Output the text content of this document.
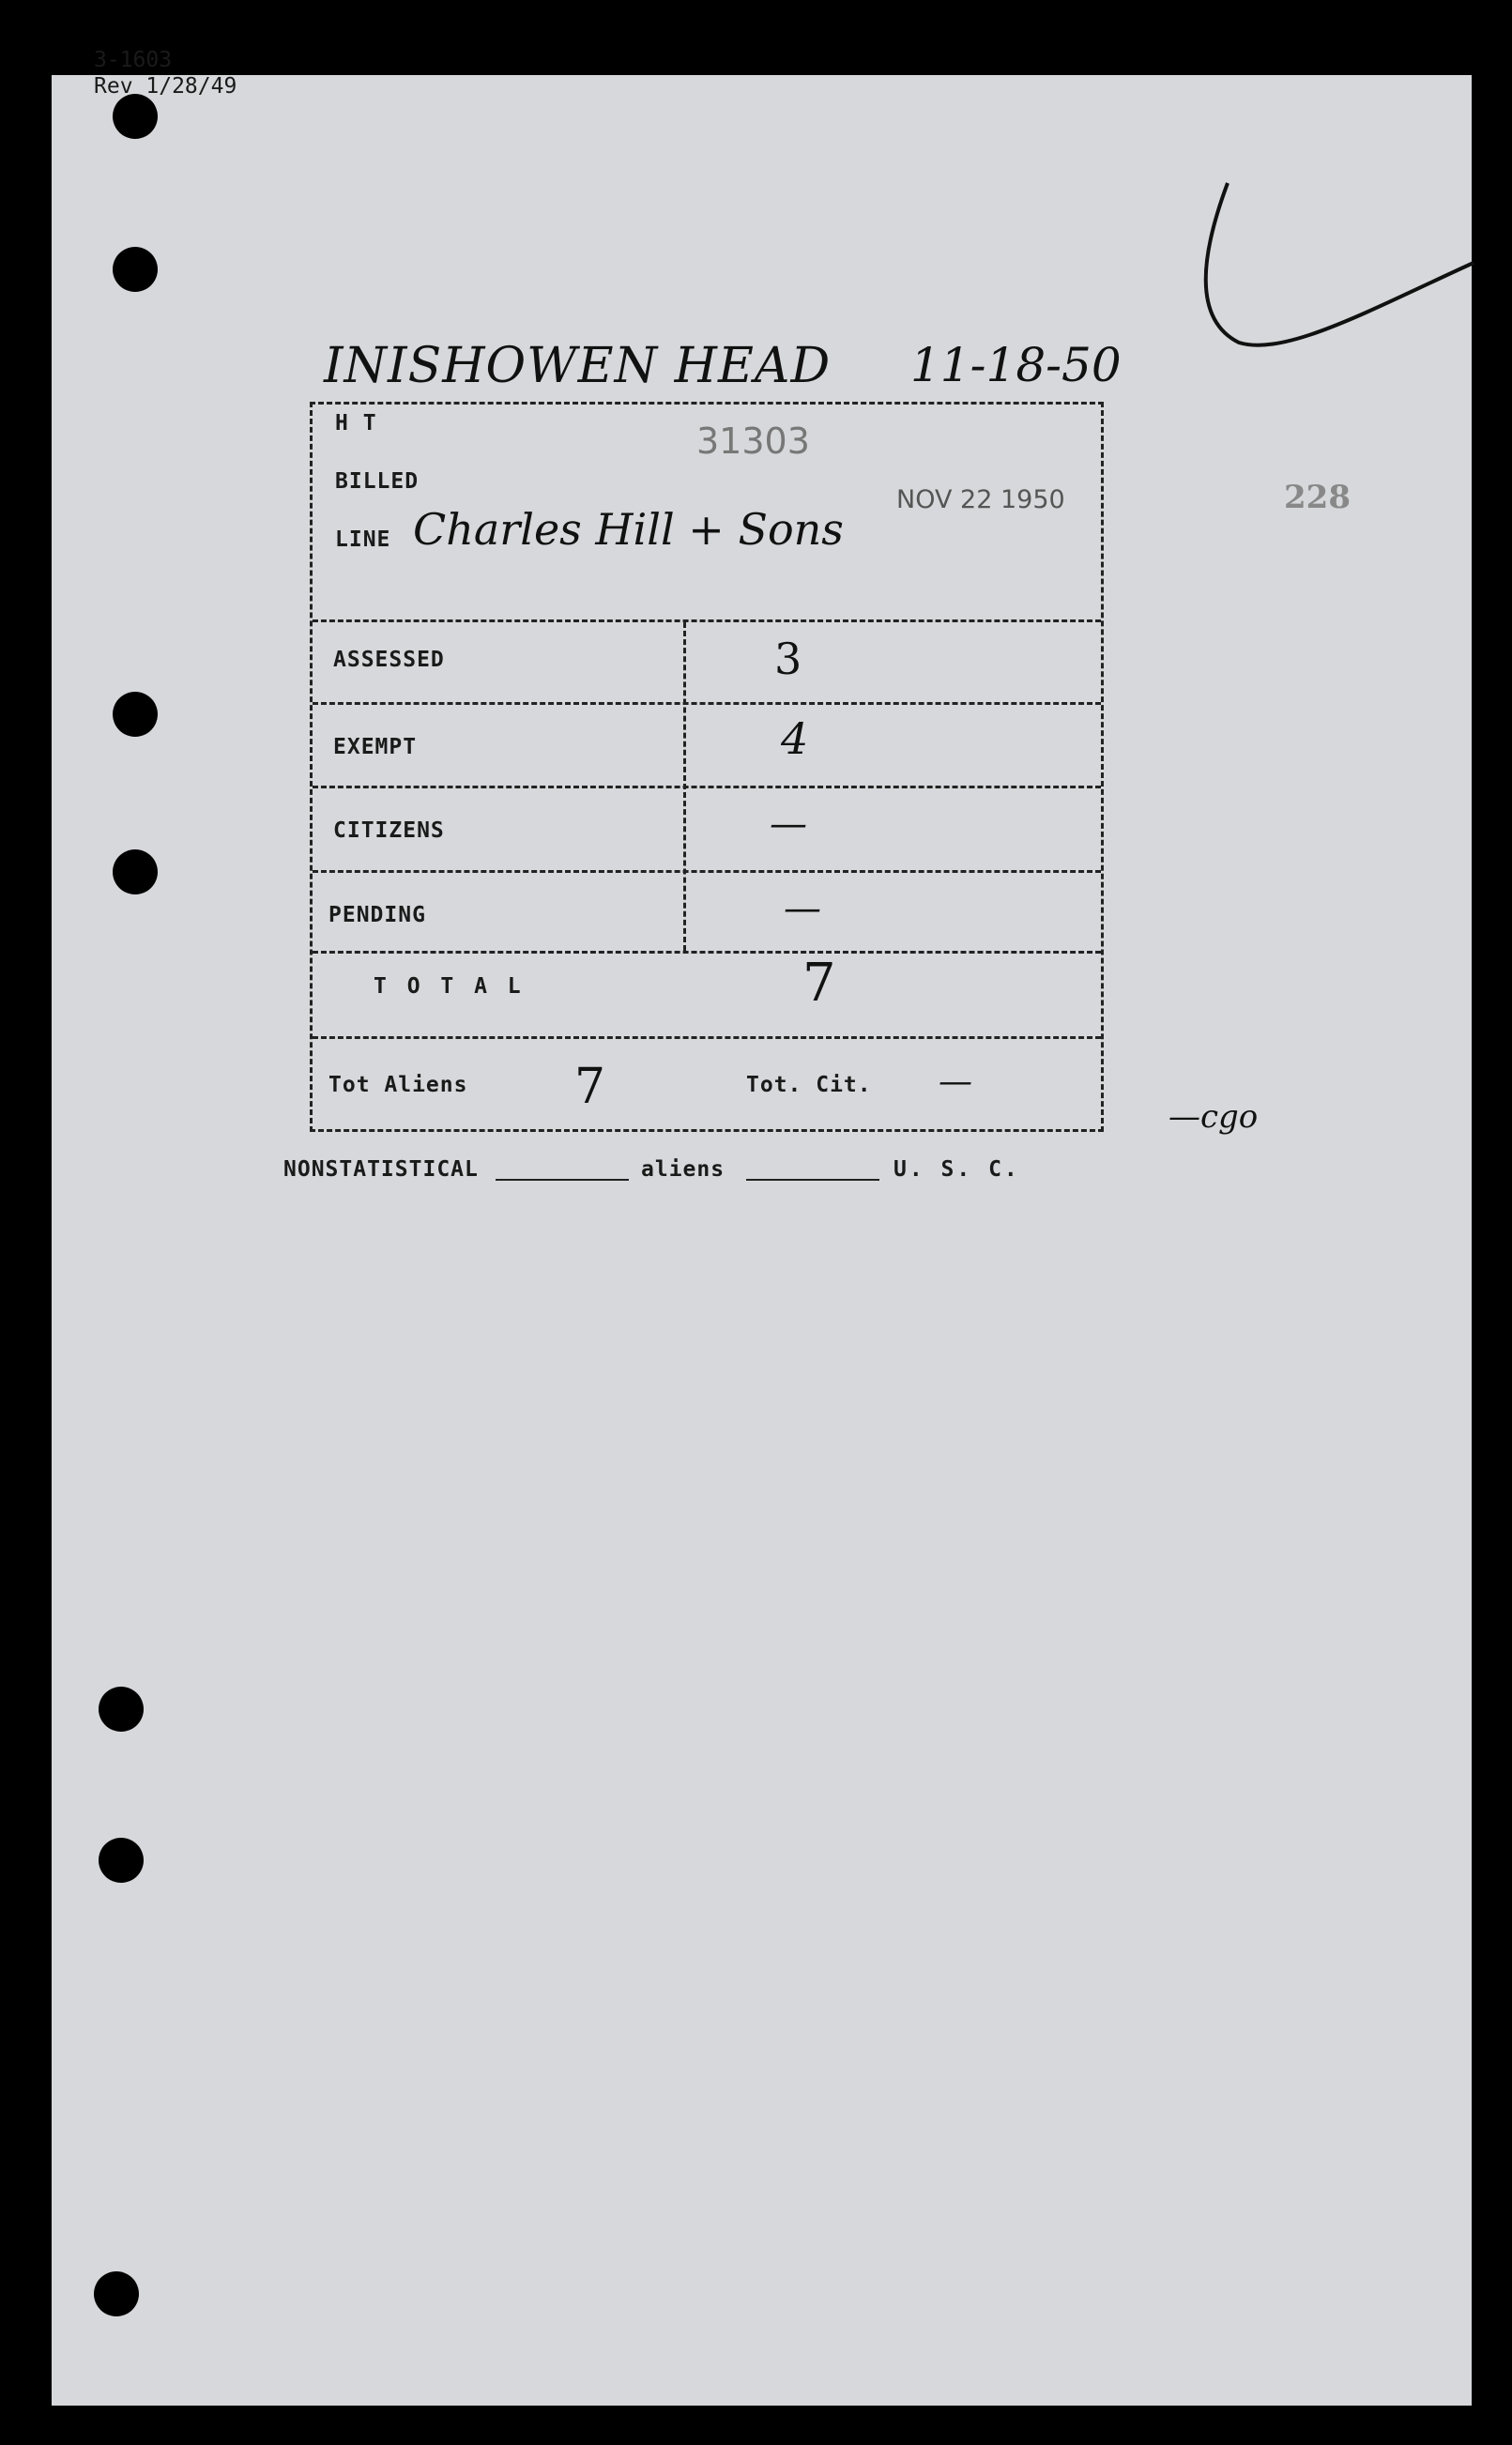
3-1603
Rev 1/28/49
INISHOWEN HEAD 11-18-50
H T	31303
BILLED
LINE Charles Hill + Sons
NOV 22 1950	228
ASSESSED	3
EXEMPT	4
CITIZENS	—
PENDING	—
T O T A L	7
Tot Aliens 7	Tot. Cit. —
—cgo
NONSTATISTICAL	aliens	U. S. C.
